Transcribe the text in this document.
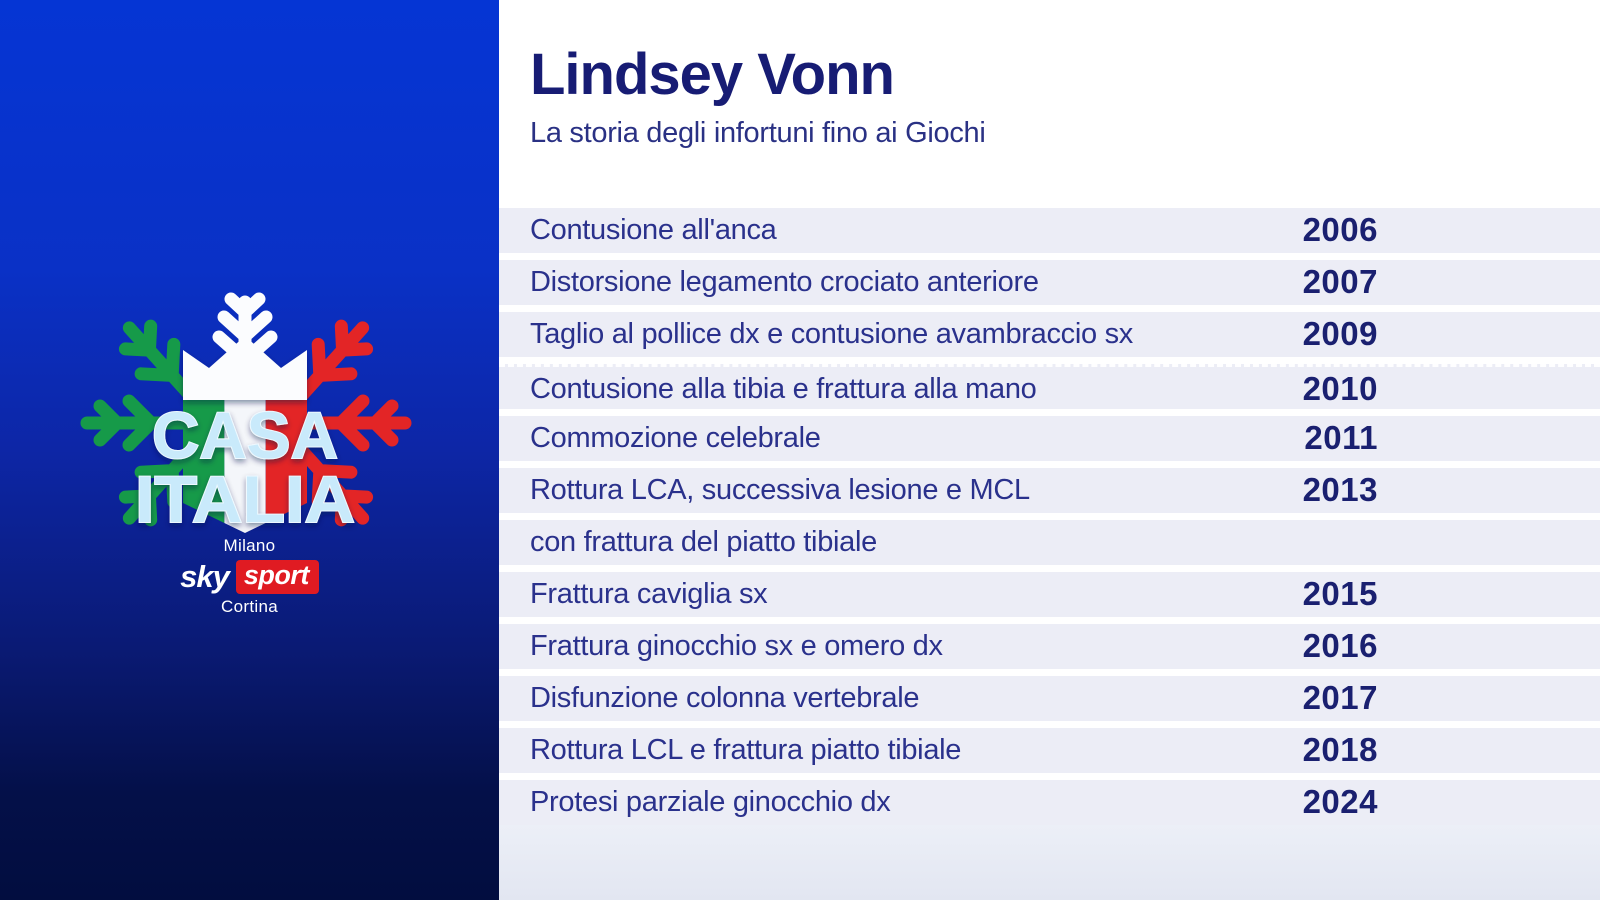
CASA
ITALIA
Milano
sky sport
Cortina
Lindsey Vonn

La storia degli infortuni fino ai Giochi

Contusione all'anca	2006
Distorsione legamento crociato anteriore	2007
Taglio al pollice dx e contusione avambraccio sx	2009
Contusione alla tibia e frattura alla mano	2010
Commozione celebrale	2011
Rottura LCA, successiva lesione e MCL	2013
con frattura del piatto tibiale
Frattura caviglia sx	2015
Frattura ginocchio sx e omero dx	2016
Disfunzione colonna vertebrale	2017
Rottura LCL e frattura piatto tibiale	2018
Protesi parziale ginocchio dx	2024
